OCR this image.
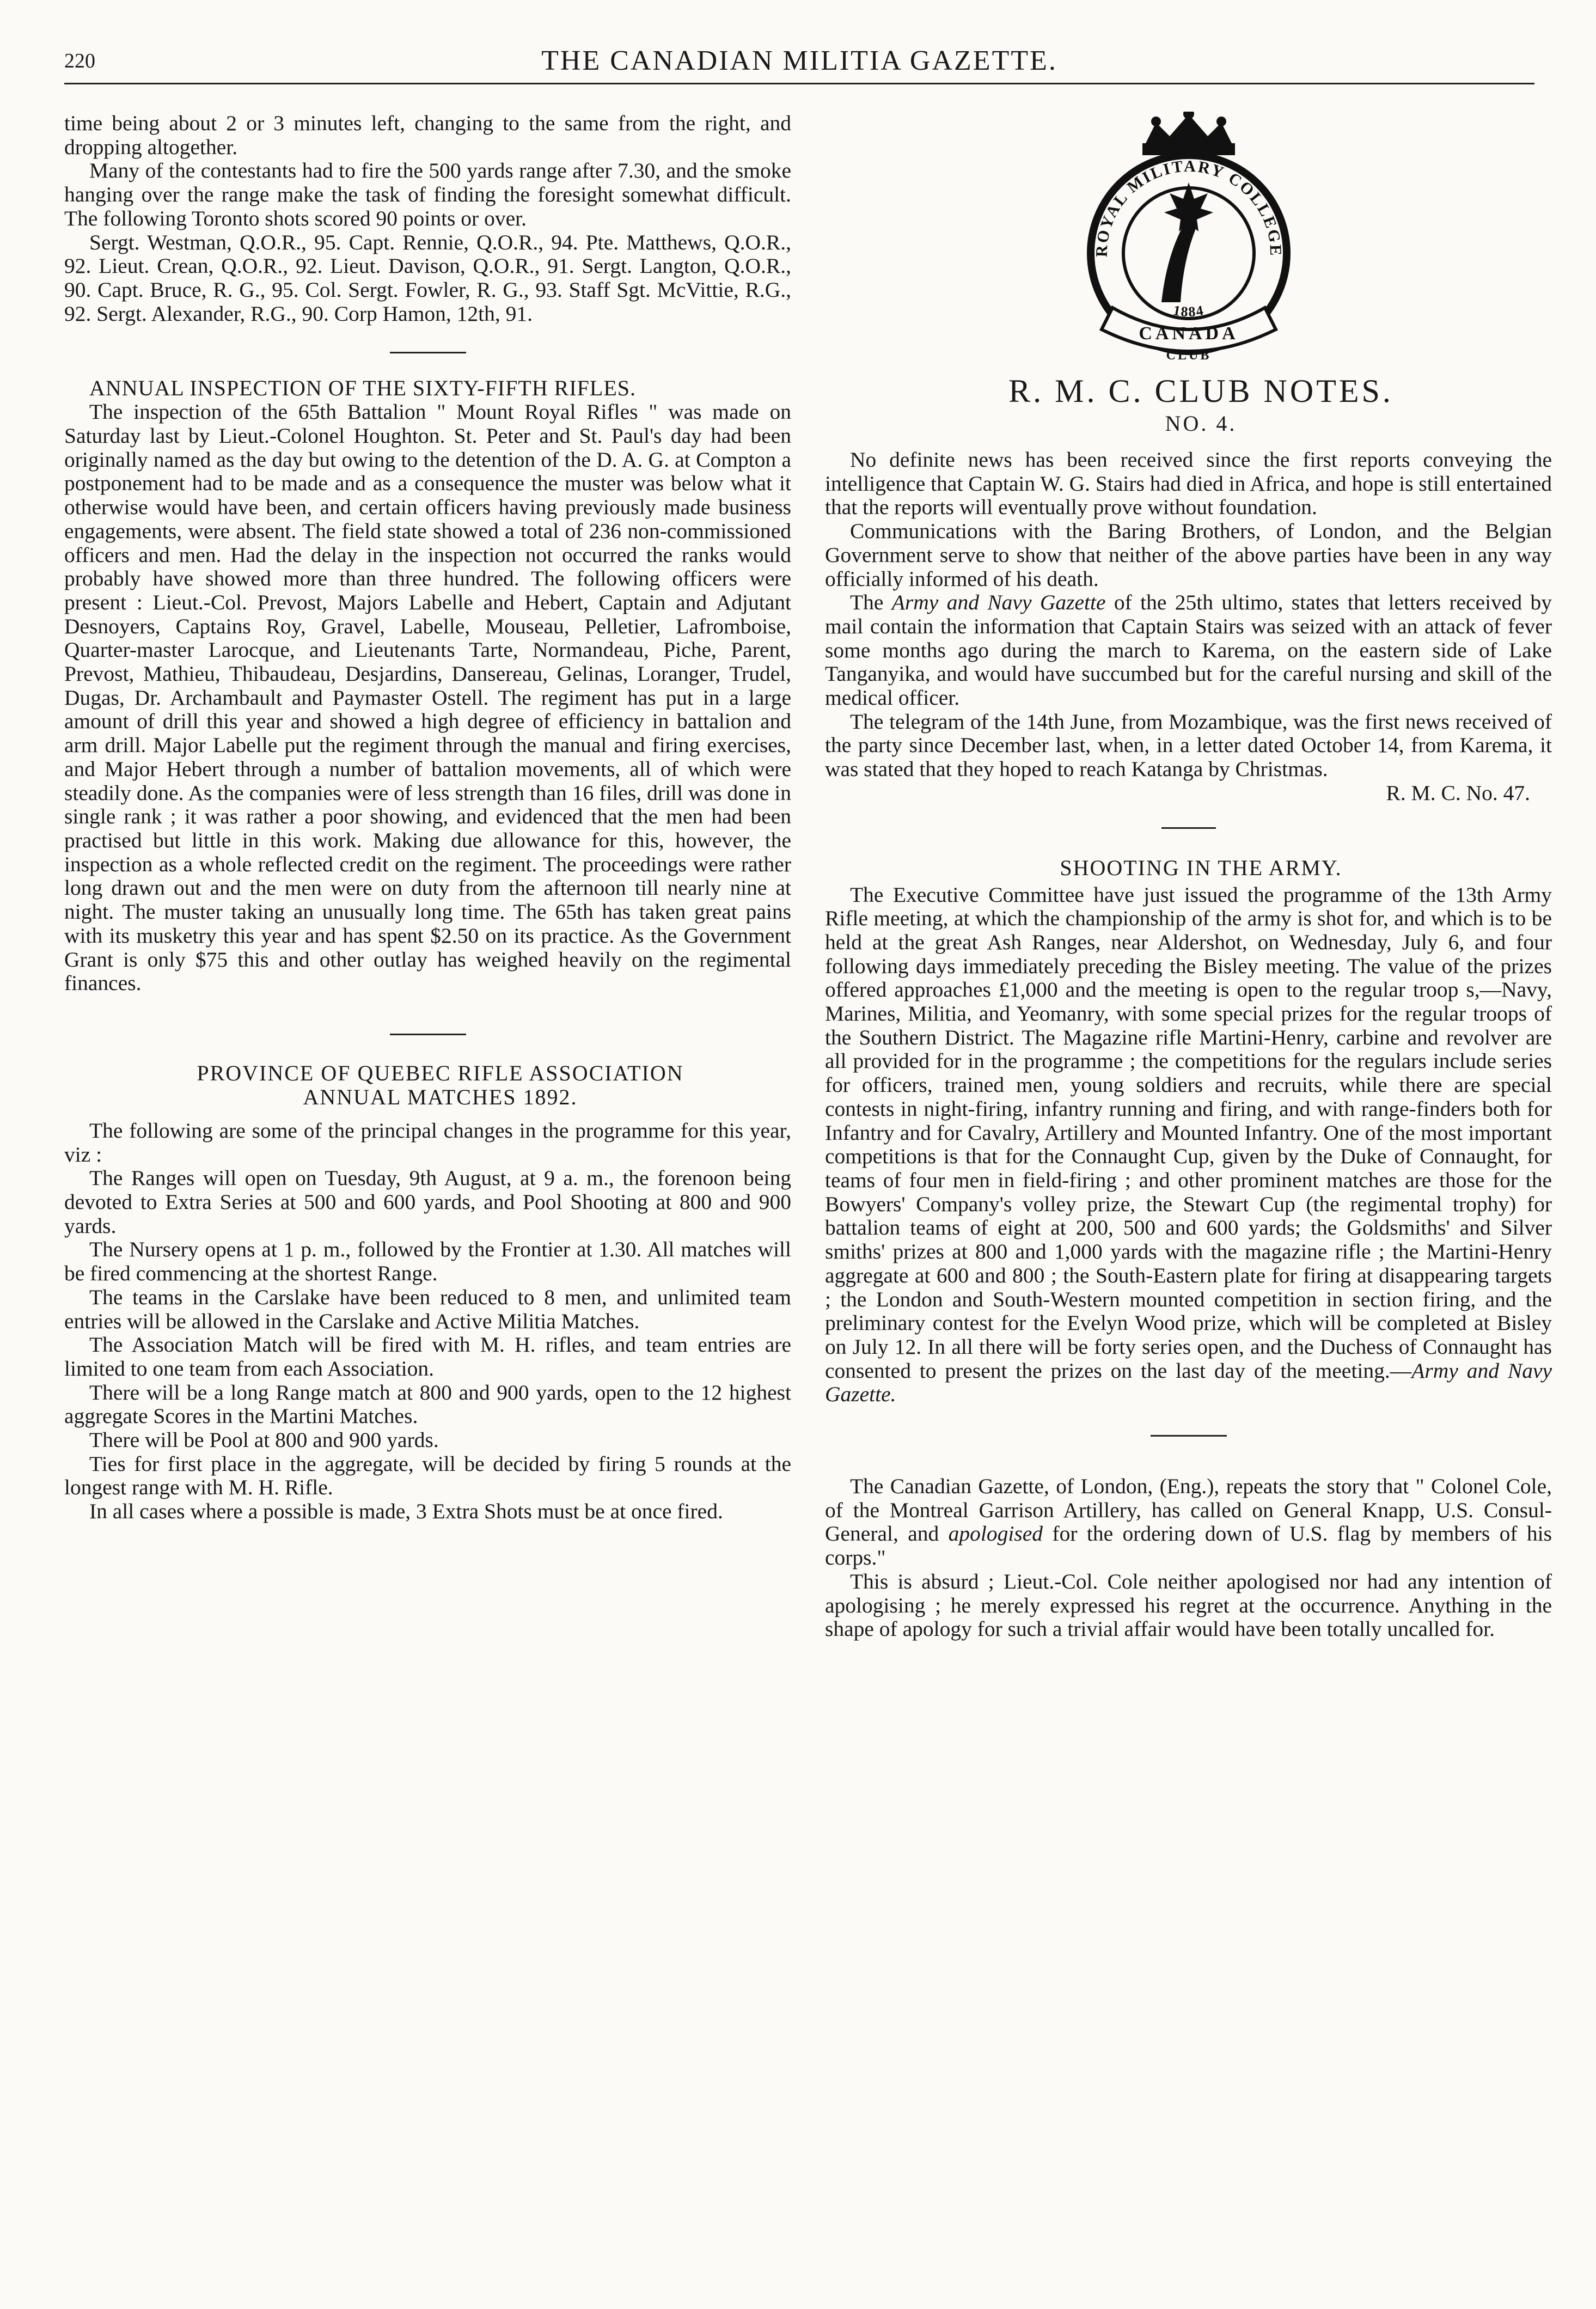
220	THE CANADIAN MILITIA GAZETTE.

time being about 2 or 3 minutes left, changing to the same from the right, and dropping altogether.

Many of the contestants had to fire the 500 yards range after 7.30, and the smoke hanging over the range make the task of finding the foresight somewhat difficult. The following Toronto shots scored 90 points or over.

Sergt. Westman, Q.O.R., 95. Capt. Rennie, Q.O.R., 94. Pte. Matthews, Q.O.R., 92. Lieut. Crean, Q.O.R., 92. Lieut. Davison, Q.O.R., 91. Sergt. Langton, Q.O.R., 90. Capt. Bruce, R. G., 95. Col. Sergt. Fowler, R. G., 93. Staff Sgt. McVittie, R.G., 92. Sergt. Alexander, R.G., 90. Corp Hamon, 12th, 91.

ANNUAL INSPECTION OF THE SIXTY-FIFTH RIFLES.

The inspection of the 65th Battalion " Mount Royal Rifles " was made on Saturday last by Lieut.-Colonel Houghton. St. Peter and St. Paul's day had been originally named as the day but owing to the detention of the D. A. G. at Compton a postponement had to be made and as a consequence the muster was below what it otherwise would have been, and certain officers having previously made business engagements, were absent. The field state showed a total of 236 non-commissioned officers and men. Had the delay in the inspection not occurred the ranks would probably have showed more than three hundred. The following officers were present : Lieut.-Col. Prevost, Majors Labelle and Hebert, Captain and Adjutant Desnoyers, Captains Roy, Gravel, Labelle, Mouseau, Pelletier, Lafromboise, Quarter-master Larocque, and Lieutenants Tarte, Normandeau, Piche, Parent, Prevost, Mathieu, Thibaudeau, Desjardins, Dansereau, Gelinas, Loranger, Trudel, Dugas, Dr. Archambault and Paymaster Ostell. The regiment has put in a large amount of drill this year and showed a high degree of efficiency in battalion and arm drill. Major Labelle put the regiment through the manual and firing exercises, and Major Hebert through a number of battalion movements, all of which were steadily done. As the companies were of less strength than 16 files, drill was done in single rank ; it was rather a poor showing, and evidenced that the men had been practised but little in this work. Making due allowance for this, however, the inspection as a whole reflected credit on the regiment. The proceedings were rather long drawn out and the men were on duty from the afternoon till nearly nine at night. The muster taking an unusually long time. The 65th has taken great pains with its musketry this year and has spent $2.50 on its practice. As the Government Grant is only $75 this and other outlay has weighed heavily on the regimental finances.

PROVINCE OF QUEBEC RIFLE ASSOCIATION

ANNUAL MATCHES 1892.

The following are some of the principal changes in the programme for this year, viz :

The Ranges will open on Tuesday, 9th August, at 9 a. m., the forenoon being devoted to Extra Series at 500 and 600 yards, and Pool Shooting at 800 and 900 yards.

The Nursery opens at 1 p. m., followed by the Frontier at 1.30. All matches will be fired commencing at the shortest Range.

The teams in the Carslake have been reduced to 8 men, and unlimited team entries will be allowed in the Carslake and Active Militia Matches.

The Association Match will be fired with M. H. rifles, and team entries are limited to one team from each Association.

There will be a long Range match at 800 and 900 yards, open to the 12 highest aggregate Scores in the Martini Matches.

There will be Pool at 800 and 900 yards.

Ties for first place in the aggregate, will be decided by firing 5 rounds at the longest range with M. H. Rifle.

In all cases where a possible is made, 3 Extra Shots must be at once fired.

ROYAL MILITARY COLLEGE
1884
CANADA
CLUB

R. M. C. CLUB NOTES.

NO. 4.

No definite news has been received since the first reports conveying the intelligence that Captain W. G. Stairs had died in Africa, and hope is still entertained that the reports will eventually prove without foundation.

Communications with the Baring Brothers, of London, and the Belgian Government serve to show that neither of the above parties have been in any way officially informed of his death.

The Army and Navy Gazette of the 25th ultimo, states that letters received by mail contain the information that Captain Stairs was seized with an attack of fever some months ago during the march to Karema, on the eastern side of Lake Tanganyika, and would have succumbed but for the careful nursing and skill of the medical officer.

The telegram of the 14th June, from Mozambique, was the first news received of the party since December last, when, in a letter dated October 14, from Karema, it was stated that they hoped to reach Katanga by Christmas.

R. M. C. No. 47.

SHOOTING IN THE ARMY.

The Executive Committee have just issued the programme of the 13th Army Rifle meeting, at which the championship of the army is shot for, and which is to be held at the great Ash Ranges, near Aldershot, on Wednesday, July 6, and four following days immediately preceding the Bisley meeting. The value of the prizes offered approaches £1,000 and the meeting is open to the regular troop s,—Navy, Marines, Militia, and Yeomanry, with some special prizes for the regular troops of the Southern District. The Magazine rifle Martini-Henry, carbine and revolver are all provided for in the programme ; the competitions for the regulars include series for officers, trained men, young soldiers and recruits, while there are special contests in night-firing, infantry running and firing, and with range-finders both for Infantry and for Cavalry, Artillery and Mounted Infantry. One of the most important competitions is that for the Connaught Cup, given by the Duke of Connaught, for teams of four men in field-firing ; and other prominent matches are those for the Bowyers' Company's volley prize, the Stewart Cup (the regimental trophy) for battalion teams of eight at 200, 500 and 600 yards; the Goldsmiths' and Silver smiths' prizes at 800 and 1,000 yards with the magazine rifle ; the Martini-Henry aggregate at 600 and 800 ; the South-Eastern plate for firing at disappearing targets ; the London and South-Western mounted competition in section firing, and the preliminary contest for the Evelyn Wood prize, which will be completed at Bisley on July 12. In all there will be forty series open, and the Duchess of Connaught has consented to present the prizes on the last day of the meeting.—Army and Navy Gazette.

The Canadian Gazette, of London, (Eng.), repeats the story that " Colonel Cole, of the Montreal Garrison Artillery, has called on General Knapp, U.S. Consul-General, and apologised for the ordering down of U.S. flag by members of his corps."

This is absurd ; Lieut.-Col. Cole neither apologised nor had any intention of apologising ; he merely expressed his regret at the occurrence. Anything in the shape of apology for such a trivial affair would have been totally uncalled for.
